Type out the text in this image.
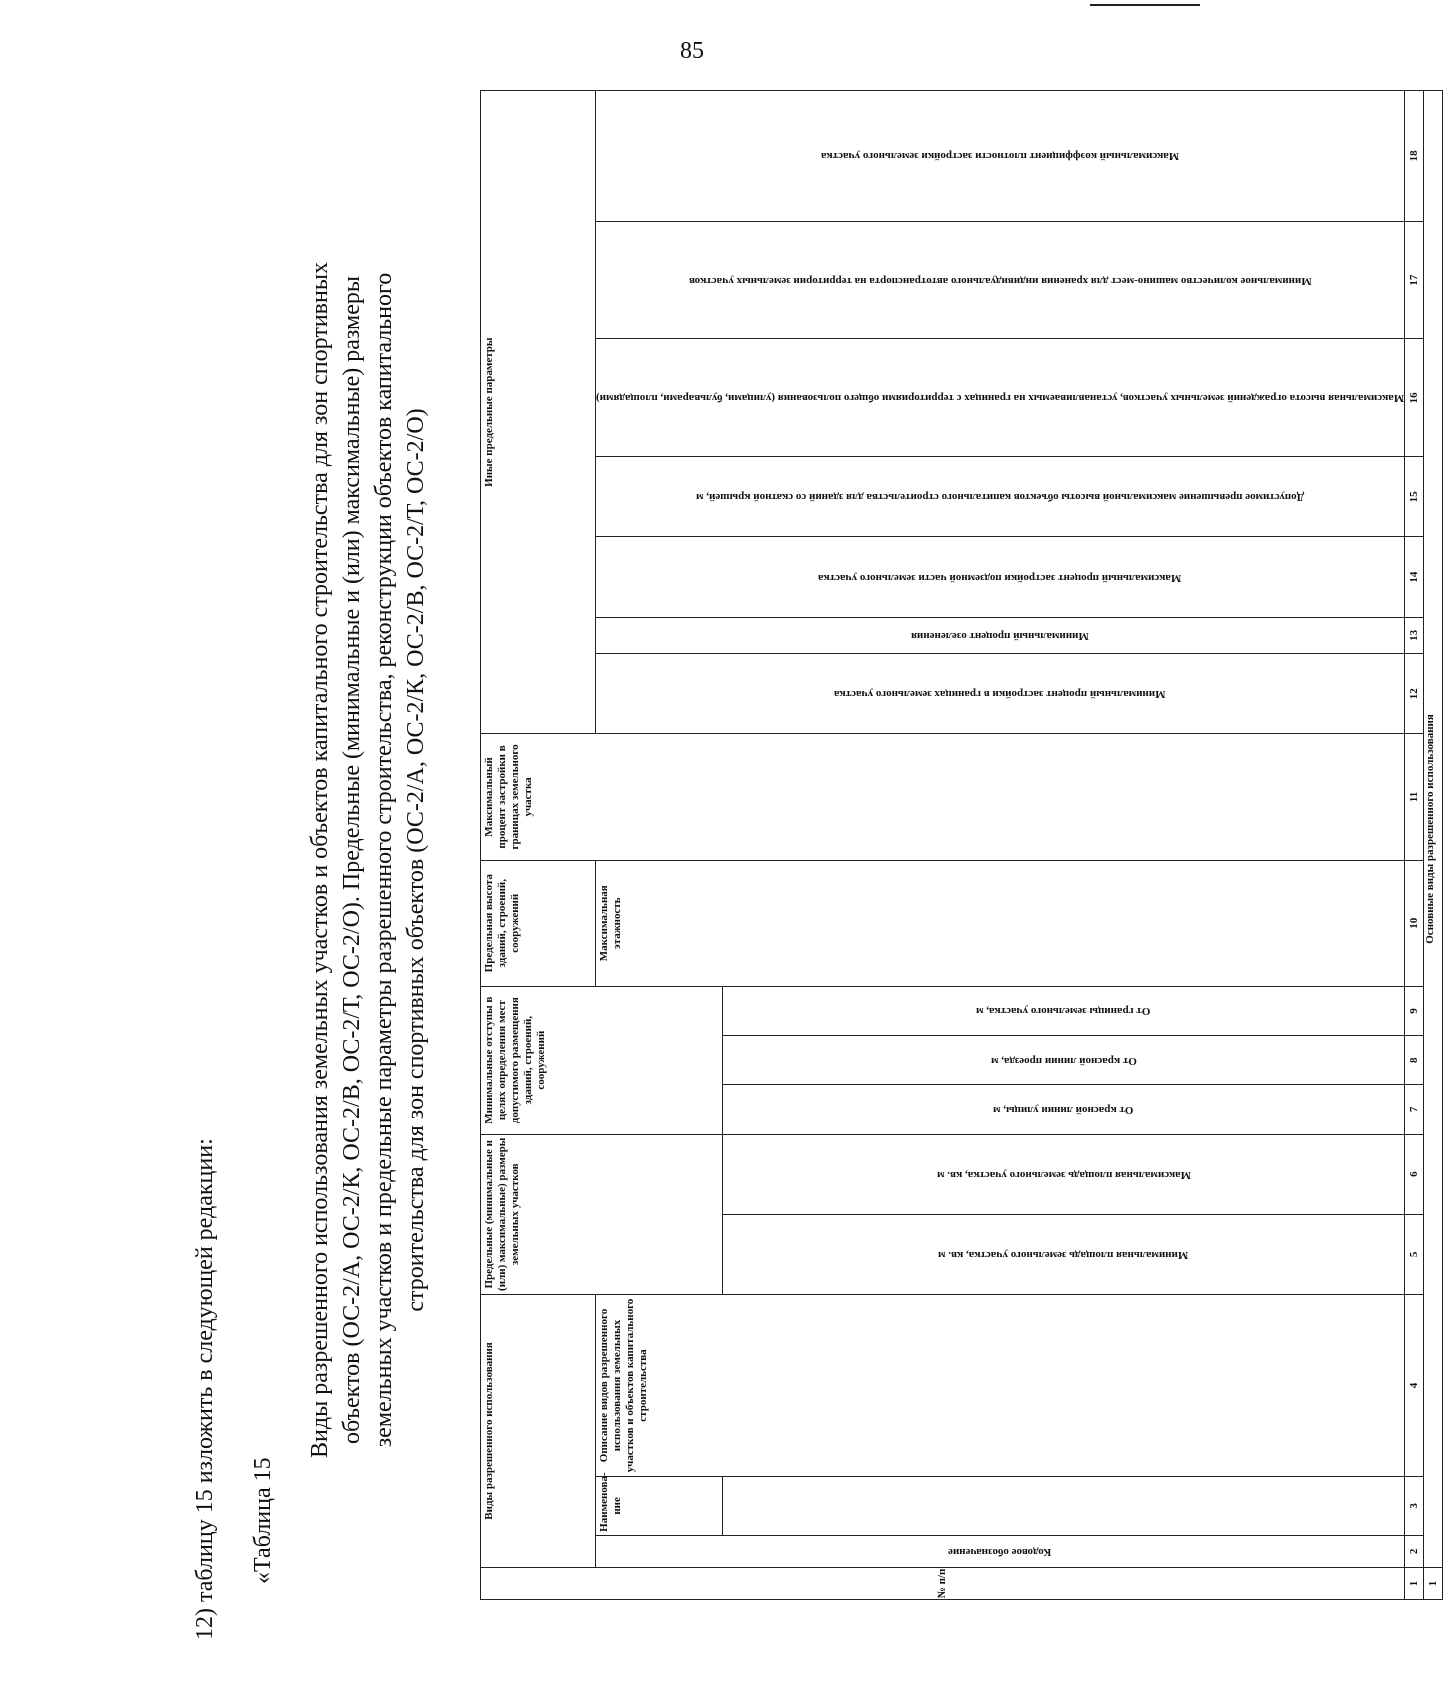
85
12) таблицу 15 изложить в следующей редакции: «Таблица 15
Виды разрешенного использования земельных участков и объектов капитального строительства для зон спортивных объектов (ОС-2/А, ОС-2/К, ОС-2/В, ОС-2/Т, ОС-2/О). Предельные (минимальные и (или) максимальные) размеры земельных участков и предельные параметры разрешенного строительства, реконструкции объектов капитального строительства для зон спортивных объектов (ОС-2/А, ОС-2/К, ОС-2/В, ОС-2/Т, ОС-2/О)
№ п/п	Виды разрешенного использования			Предельные (минимальные и (или) максимальные) размеры земельных участков		Минимальные отступы в целях определения мест допустимого размещения зданий, строений, сооружений			Предельная высота зданий, строений, сооружений	Максимальный процент застройки в границах земельного участка	Иные предельные параметры						

	Кодовое обозначение	Наименова-ние	Описание видов разрешенного использования земельных участков и объектов капитального строительства						Максимальная этажность		Минимальный процент застройки в границах земельного участка	Минимальный процент озеленения	Максимальный процент застройки подземной части земельного участка	Допустимое превышение максимальной высоты объектов капитального строительства для зданий со скатной крышей, м	Максимальная высота ограждений земельных участков, устанавливаемых на границах с территориями общего пользования (улицами, бульварами, площадями)	Минимальное количество машино-мест для хранения индивидуального автотранспорта на территории земельных участков	Максимальный коэффициент плотности застройки земельного участка

				Минимальная площадь земельного участка, кв. м	Максимальная площадь земельного участка, кв. м	От красной линии улицы, м	От красной линии проезда, м	От границы земельного участка, м									

1	2	3	4	5	6	7	8	9	10	11	12	13	14	15	16	17	18
1	Основные виды разрешенного использования																
